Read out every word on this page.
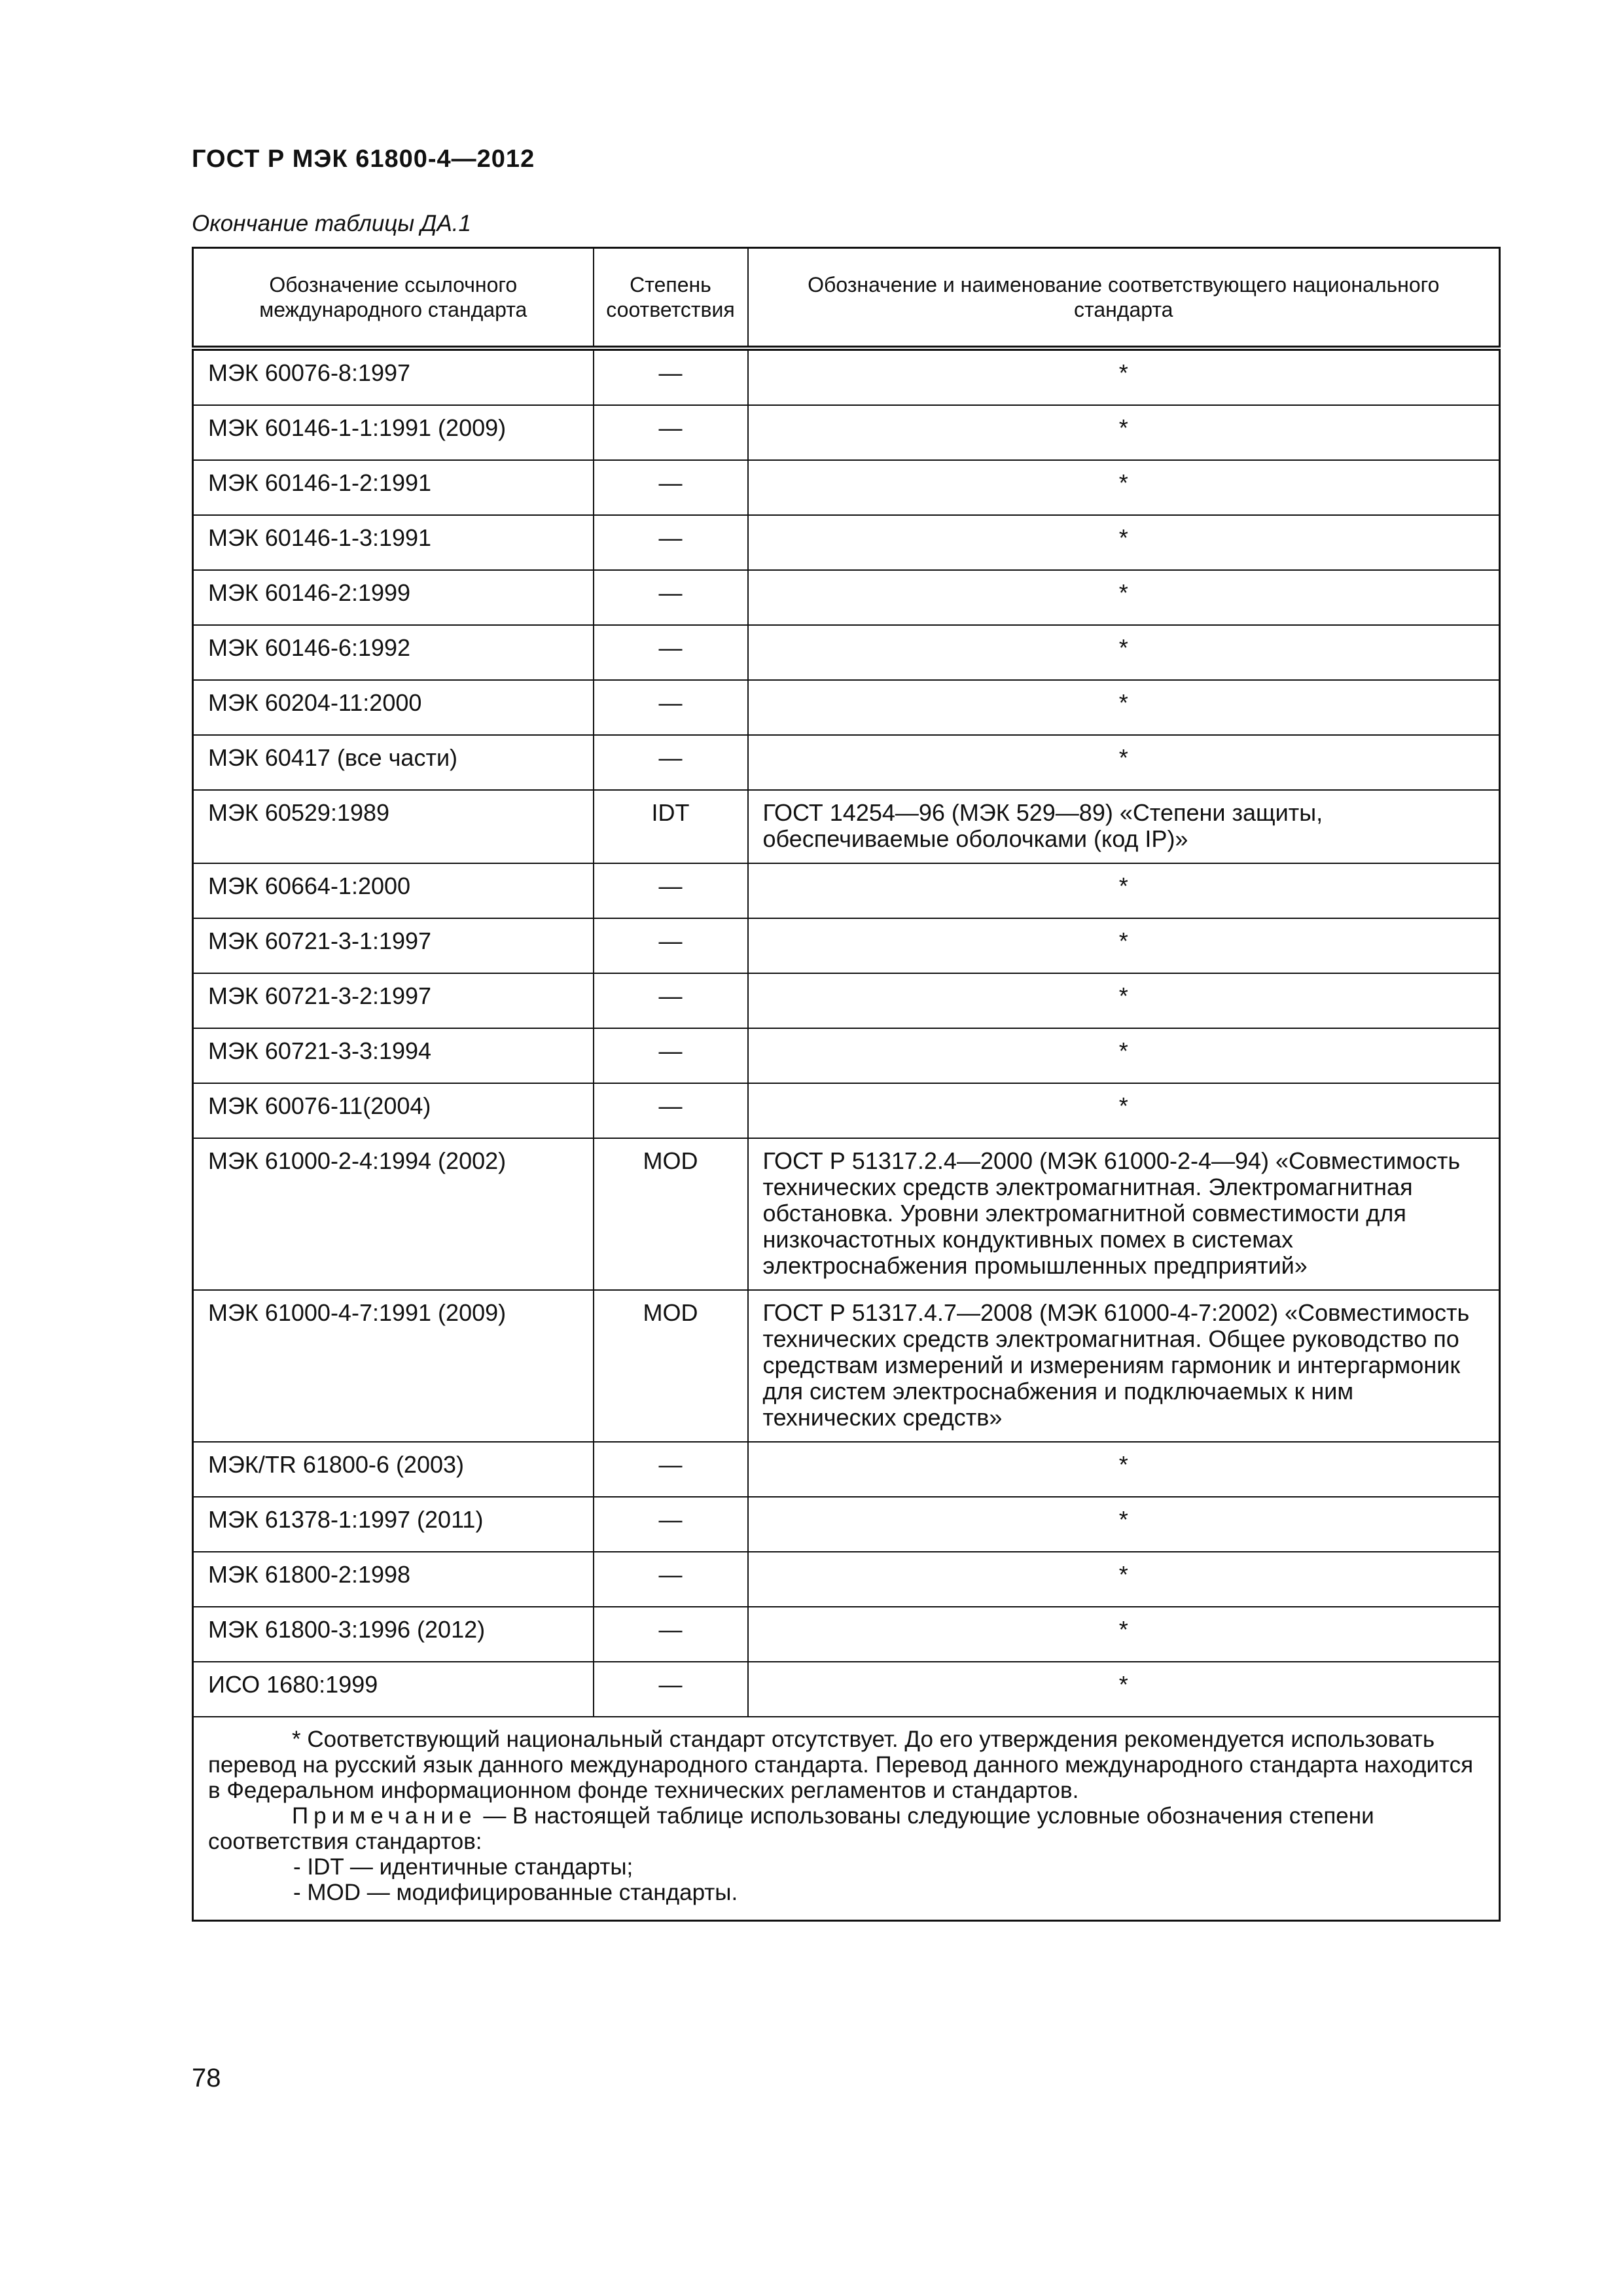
ГОСТ Р МЭК 61800-4—2012
Окончание таблицы ДА.1
Обозначение ссылочного международного стандарта	Степень соответствия	Обозначение и наименование соответствующего национального стандарта
МЭК 60076-8:1997	—	*
МЭК 60146-1-1:1991 (2009)	—	*
МЭК 60146-1-2:1991	—	*
МЭК 60146-1-3:1991	—	*
МЭК 60146-2:1999	—	*
МЭК 60146-6:1992	—	*
МЭК 60204-11:2000	—	*
МЭК 60417 (все части)	—	*
МЭК 60529:1989	IDT	ГОСТ 14254—96 (МЭК 529—89) «Степени защиты, обеспечиваемые оболочками (код IP)»
МЭК 60664-1:2000	—	*
МЭК 60721-3-1:1997	—	*
МЭК 60721-3-2:1997	—	*
МЭК 60721-3-3:1994	—	*
МЭК 60076-11(2004)	—	*
МЭК 61000-2-4:1994 (2002)	MOD	ГОСТ Р 51317.2.4—2000 (МЭК 61000-2-4—94) «Совместимость технических средств электромагнитная. Электромагнитная обстановка. Уровни электромагнитной совместимости для низкочастотных кондуктивных помех в системах электроснабжения промышленных предприятий»
МЭК 61000-4-7:1991 (2009)	MOD	ГОСТ Р 51317.4.7—2008 (МЭК 61000-4-7:2002) «Совместимость технических средств электромагнитная. Общее руководство по средствам измерений и измерениям гармоник и интергармоник для систем электроснабжения и подключаемых к ним технических средств»
МЭК/TR 61800-6 (2003)	—	*
МЭК 61378-1:1997 (2011)	—	*
МЭК 61800-2:1998	—	*
МЭК 61800-3:1996 (2012)	—	*
ИСО 1680:1999	—	*

* Соответствующий национальный стандарт отсутствует. До его утверждения рекомендуется использовать перевод на русский язык данного международного стандарта. Перевод данного международного стандарта находится в Федеральном информационном фонде технических регламентов и стандартов.
Примечание — В настоящей таблице использованы следующие условные обозначения степени соответствия стандартов:
- IDT — идентичные стандарты;
- MOD — модифицированные стандарты.		
78
